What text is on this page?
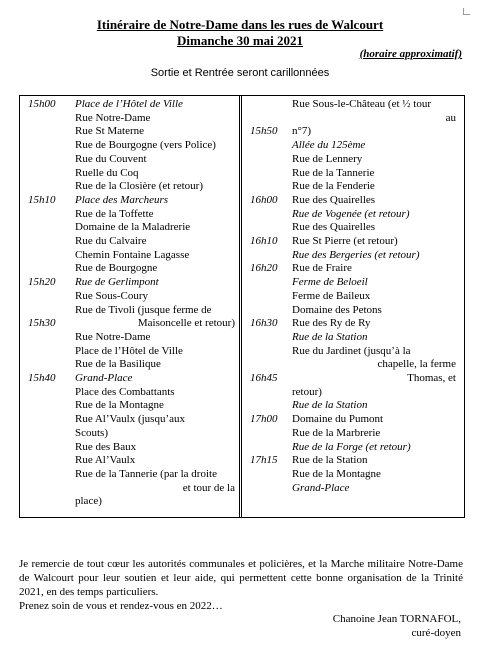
Itinéraire de Notre-Dame dans les rues de Walcourt
Dimanche 30 mai 2021
(horaire approximatif)
Sortie et Rentrée seront carillonnées
15h00 Place de l’Hôtel de Ville
Rue Notre-Dame
Rue St Materne
Rue de Bourgogne (vers Police)
Rue du Couvent
Ruelle du Coq
Rue de la Closière (et retour)
15h10 Place des Marcheurs
Rue de la Toffette
Domaine de la Maladrerie
Rue du Calvaire
Chemin Fontaine Lagasse
Rue de Bourgogne
15h20 Rue de Gerlimpont
Rue Sous-Coury
Rue de Tivoli (jusque ferme de
15h30	Maisoncelle et retour)
Rue Notre-Dame
Place de l’Hôtel de Ville
Rue de la Basilique
15h40 Grand-Place
Place des Combattants
Rue de la Montagne
Rue Al’Vaulx (jusqu’aux
Scouts)
Rue des Baux
Rue Al’Vaulx
Rue de la Tannerie (par la droite
et tour de la
place)
Rue Sous-le-Château (et ½ tour
au
15h50 n°7)
Allée du 125ème
Rue de Lennery
Rue de la Tannerie
Rue de la Fenderie
16h00 Rue des Quairelles
Rue de Vogenée (et retour)
Rue des Quairelles
16h10 Rue St Pierre (et retour)
Rue des Bergeries (et retour)
16h20 Rue de Fraire
Ferme de Beloeil
Ferme de Baileux
Domaine des Petons
16h30 Rue des Ry de Ry
Rue de la Station
Rue du Jardinet (jusqu’à la
chapelle, la ferme
16h45	Thomas, et
retour)
Rue de la Station
17h00 Domaine du Pumont
Rue de la Marbrerie
Rue de la Forge (et retour)
17h15 Rue de la Station
Rue de la Montagne
Grand-Place
Je remercie de tout cœur les autorités communales et policières, et la Marche militaire Notre-Dame de Walcourt pour leur soutien et leur aide, qui permettent cette bonne organisation de la Trinité 2021, en des temps particuliers.
Prenez soin de vous et rendez-vous en 2022…
Chanoine Jean TORNAFOL,
curé-doyen
